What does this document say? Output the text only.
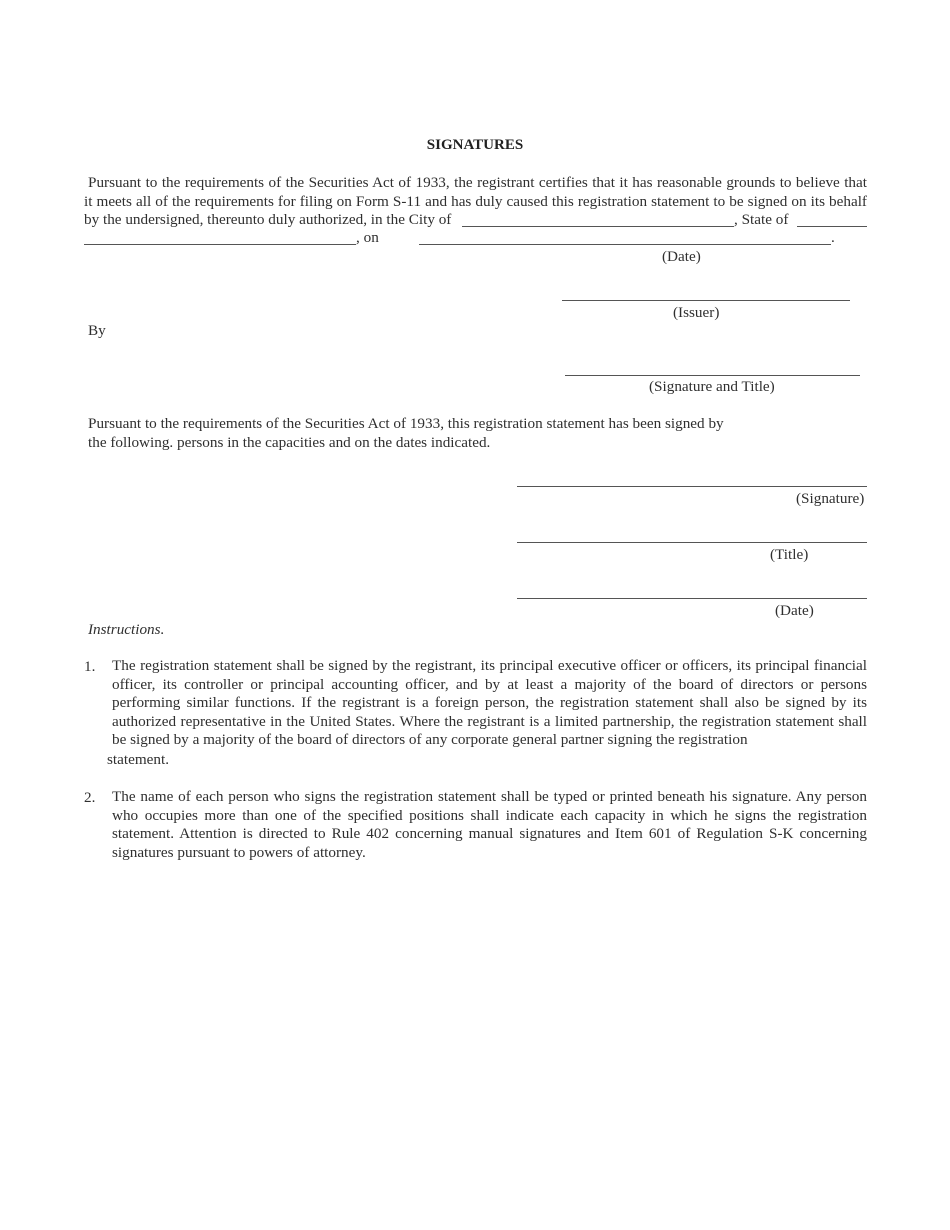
SIGNATURES
Pursuant to the requirements of the Securities Act of 1933, the registrant certifies that it has reasonable grounds to believe that
it meets all of the requirements for filing on Form S-11 and has duly caused this registration statement to be signed on its behalf
by the undersigned, thereunto duly authorized, in the City of	, State of
, on	.
(Date)
(Issuer)
By
(Signature and Title)
Pursuant to the requirements of the Securities Act of 1933, this registration statement has been signed by
the following. persons in the capacities and on the dates indicated.
(Signature)
(Title)
(Date)
Instructions.
1. The registration statement shall be signed by the registrant, its principal executive officer or officers, its principal financial officer, its controller or principal accounting officer, and by at least a majority of the board of directors or persons performing similar functions. If the registrant is a foreign person, the registration statement shall also be signed by its authorized representative in the United States. Where the registrant is a limited partnership, the registration statement shall be signed by a majority of the board of directors of any corporate general partner signing the registration
statement.
2. The name of each person who signs the registration statement shall be typed or printed beneath his signature. Any person who occupies more than one of the specified positions shall indicate each capacity in which he signs the registration statement. Attention is directed to Rule 402 concerning manual signatures and Item 601 of Regulation S-K concerning signatures pursuant to powers of attorney.
